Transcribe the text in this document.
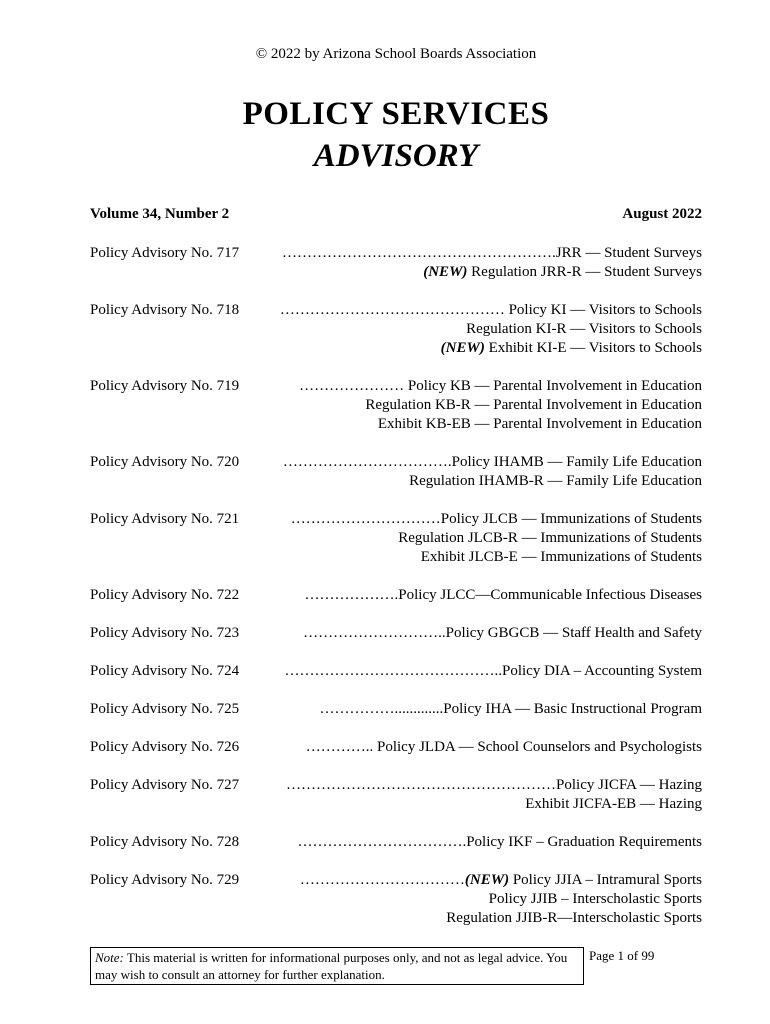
© 2022 by Arizona School Boards Association
POLICY SERVICES
ADVISORY
Volume 34, Number 2	August 2022
Policy Advisory No. 717	……………………………………………….JRR — Student Surveys
(NEW) Regulation JRR-R — Student Surveys
Policy Advisory No. 718	……………………………………… Policy KI — Visitors to Schools
Regulation KI-R — Visitors to Schools
(NEW) Exhibit KI-E — Visitors to Schools
Policy Advisory No. 719	………………… Policy KB — Parental Involvement in Education
Regulation KB-R — Parental Involvement in Education
Exhibit KB-EB — Parental Involvement in Education
Policy Advisory No. 720	…………………………….Policy IHAMB — Family Life Education
Regulation IHAMB-R — Family Life Education
Policy Advisory No. 721	…………………………Policy JLCB — Immunizations of Students
Regulation JLCB-R — Immunizations of Students
Exhibit JLCB-E — Immunizations of Students
Policy Advisory No. 722	……………….Policy JLCC—Communicable Infectious Diseases
Policy Advisory No. 723	………………………..Policy GBGCB — Staff Health and Safety
Policy Advisory No. 724	……………………………………..Policy DIA – Accounting System
Policy Advisory No. 725	…………….............Policy IHA — Basic Instructional Program
Policy Advisory No. 726	………….. Policy JLDA — School Counselors and Psychologists
Policy Advisory No. 727	………………………………………………Policy JICFA — Hazing
Exhibit JICFA-EB — Hazing
Policy Advisory No. 728	…………………………….Policy IKF – Graduation Requirements
Policy Advisory No. 729	……………………………(NEW) Policy JJIA – Intramural Sports
Policy JJIB – Interscholastic Sports
Regulation JJIB-R—Interscholastic Sports
Note: This material is written for informational purposes only, and not as legal advice. You may wish to consult an attorney for further explanation.
Page 1 of 99
